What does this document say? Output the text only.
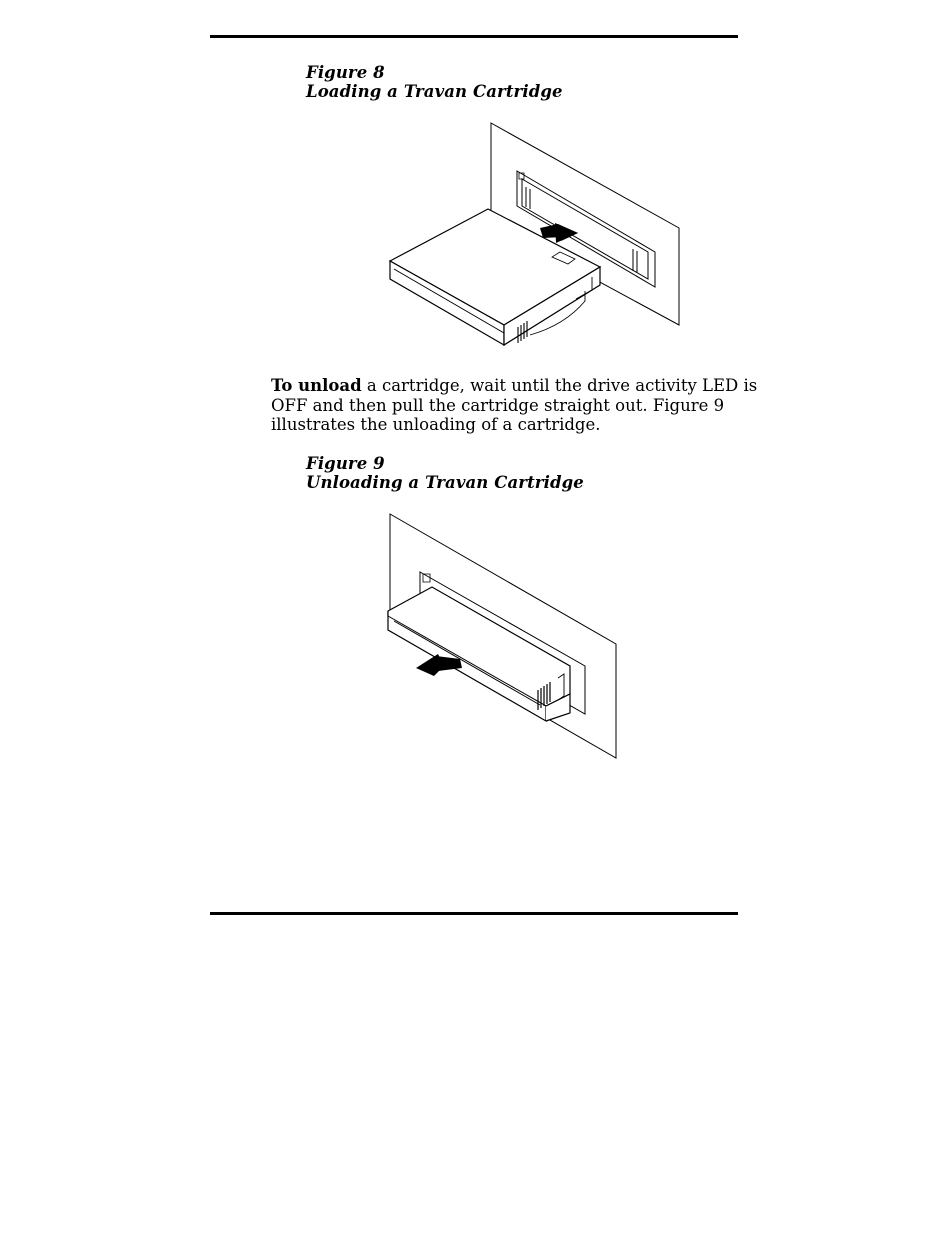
Figure 8
Loading a Travan Cartridge
To unload a cartridge, wait until the drive activity LED is
OFF and then pull the cartridge straight out. Figure 9
illustrates the unloading of a cartridge.
Figure 9
Unloading a Travan Cartridge
